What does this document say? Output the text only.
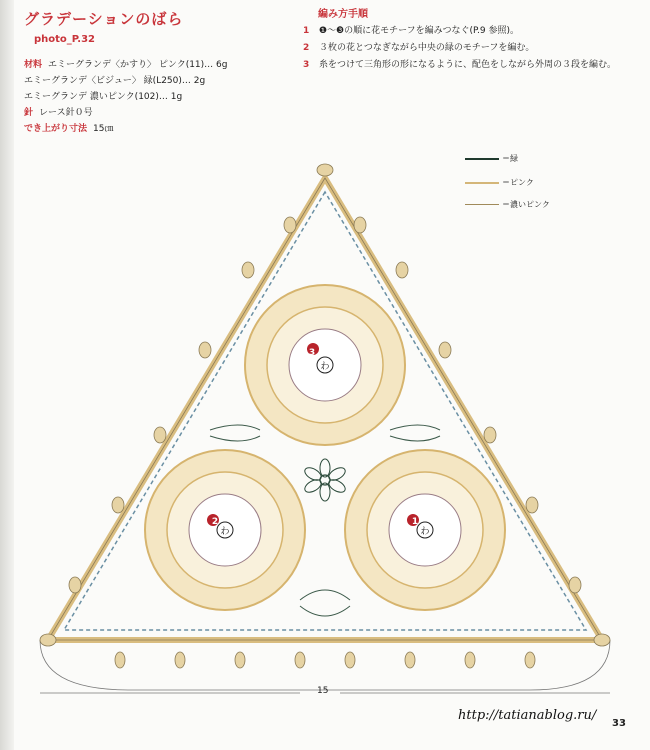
グラデーションのばら
photo_P.32
材料 エミーグランデ〈かすり〉 ピンク(11)… 6g
エミーグランデ〈ビジュー〉 緑(L250)… 2g
エミーグランデ 濃いピンク(102)… 1g
針 レース針０号
でき上がり寸法 15㎝
編み方手順
1 ❶～❸の順に花モチーフを編みつなぐ(P.9 参照)。
2 ３枚の花とつなぎながら中央の緑のモチーフを編む。
3 糸をつけて三角形の形になるように、配色をしながら外周の３段を編む。
＝緑
＝ピンク
＝濃いピンク
3
2	1
わ
わ	わ
15
http://tatianablog.ru/
33
